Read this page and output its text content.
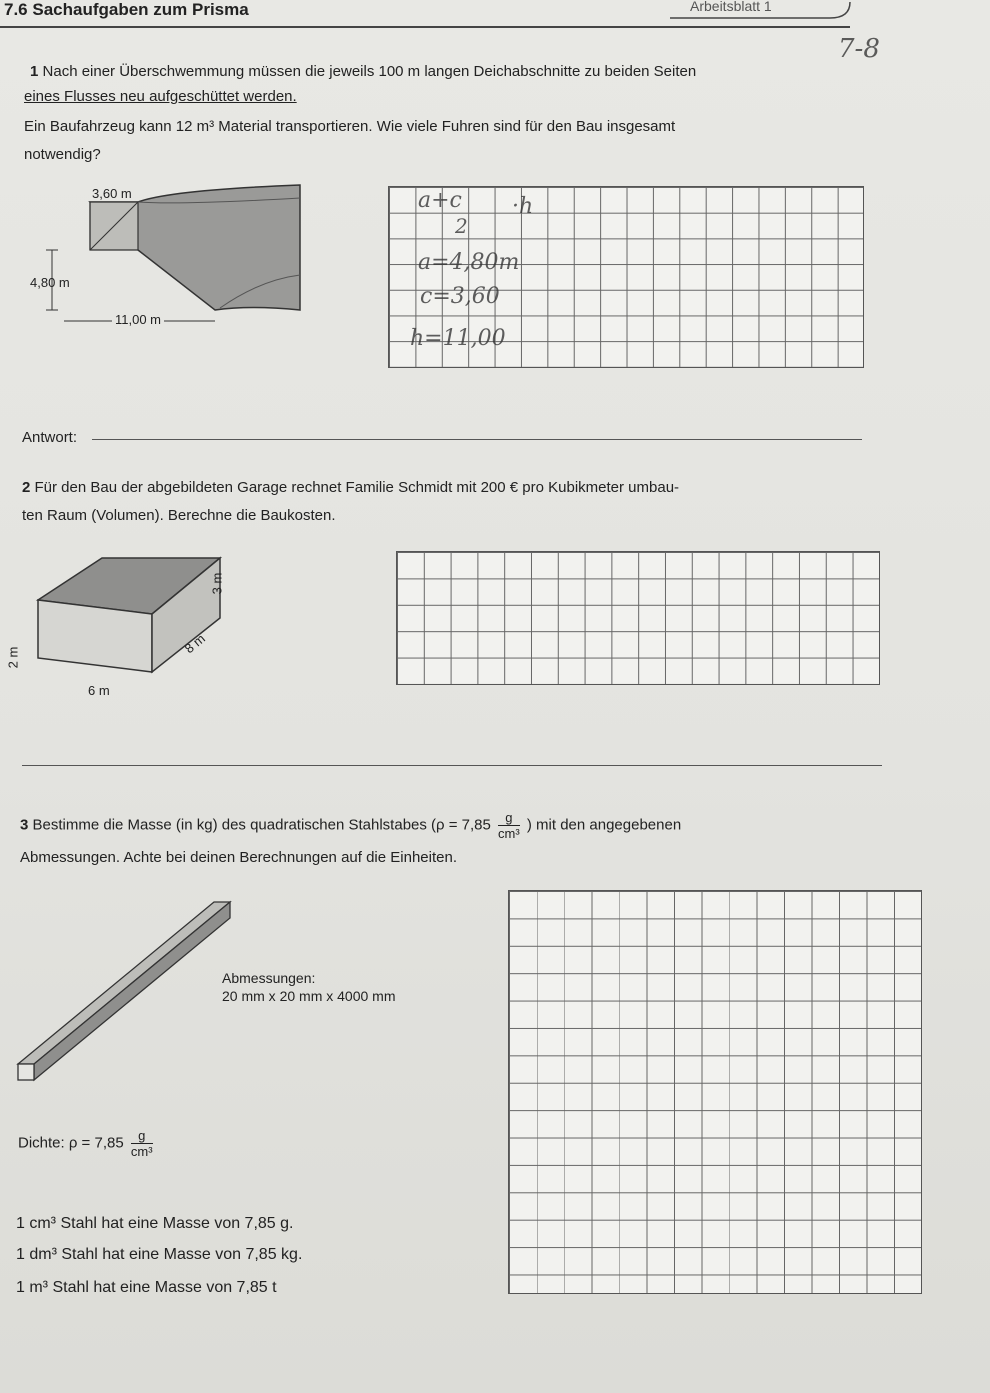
7.6 Sachaufgaben zum Prisma	Arbeitsblatt 1
7-8
1 Nach einer Überschwemmung müssen die jeweils 100 m langen Deichabschnitte zu beiden Seiten
eines Flusses neu aufgeschüttet werden.
Ein Baufahrzeug kann 12 m³ Material transportieren. Wie viele Fuhren sind für den Bau insgesamt
notwendig?
3,60 m
4,80 m
11,00 m
a+c ·h
2
a=4,80m
c=3,60
h=11,00
Antwort:
2 Für den Bau der abgebildeten Garage rechnet Familie Schmidt mit 200 € pro Kubikmeter umbau-
ten Raum (Volumen). Berechne die Baukosten.
3 m
8 m
2 m
6 m
3 Bestimme die Masse (in kg) des quadratischen Stahlstabes ($\rho = 7,85 \frac{g}{\text{cm³}}$ ) mit den angegebenen
Abmessungen. Achte bei deinen Berechnungen auf die Einheiten.
Abmessungen:
20 mm x 20 mm x 4000 mm
Dichte: $\rho = 7,85 \frac{g}{\text{cm³}}$
1 cm³ Stahl hat eine Masse von 7,85 g.
1 dm³ Stahl hat eine Masse von 7,85 kg.
1 m³ Stahl hat eine Masse von 7,85 t
